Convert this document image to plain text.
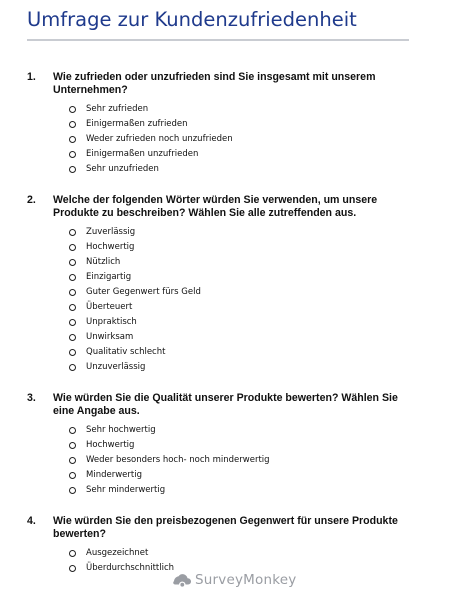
Umfrage zur Kundenzufriedenheit
1.	Wie zufrieden oder unzufrieden sind Sie insgesamt mit unserem Unternehmen?
Sehr zufrieden
Einigermaßen zufrieden
Weder zufrieden noch unzufrieden
Einigermaßen unzufrieden
Sehr unzufrieden
2.	Welche der folgenden Wörter würden Sie verwenden, um unsere Produkte zu beschreiben? Wählen Sie alle zutreffenden aus.
Zuverlässig
Hochwertig
Nützlich
Einzigartig
Guter Gegenwert fürs Geld
Überteuert
Unpraktisch
Unwirksam
Qualitativ schlecht
Unzuverlässig
3.	Wie würden Sie die Qualität unserer Produkte bewerten? Wählen Sie eine Angabe aus.
Sehr hochwertig
Hochwertig
Weder besonders hoch- noch minderwertig
Minderwertig
Sehr minderwertig
4.	Wie würden Sie den preisbezogenen Gegenwert für unsere Produkte bewerten?
Ausgezeichnet
Überdurchschnittlich
SurveyMonkey
